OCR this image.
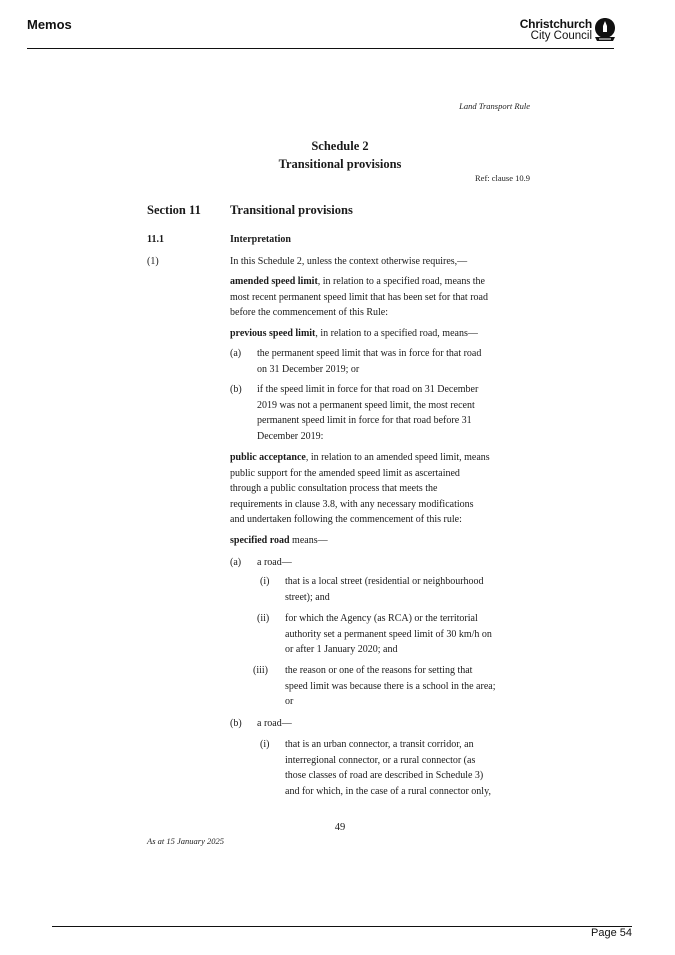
Memos	Christchurch
City Council
Land Transport Rule
Schedule 2
Transitional provisions
Ref: clause 10.9
Section 11 Transitional provisions
11.1	Interpretation
(1)	In this Schedule 2, unless the context otherwise requires,—
amended speed limit, in relation to a specified road, means the
most recent permanent speed limit that has been set for that road
before the commencement of this Rule:
previous speed limit, in relation to a specified road, means—
(a) the permanent speed limit that was in force for that road
on 31 December 2019; or
(b) if the speed limit in force for that road on 31 December
2019 was not a permanent speed limit, the most recent
permanent speed limit in force for that road before 31
December 2019:
public acceptance, in relation to an amended speed limit, means
public support for the amended speed limit as ascertained
through a public consultation process that meets the
requirements in clause 3.8, with any necessary modifications
and undertaken following the commencement of this rule:
specified road means—
(a) a road—
(i) that is a local street (residential or neighbourhood
street); and
(ii) for which the Agency (as RCA) or the territorial
authority set a permanent speed limit of 30 km/h on
or after 1 January 2020; and
(iii) the reason or one of the reasons for setting that
speed limit was because there is a school in the area;
or
(b) a road—
(i) that is an urban connector, a transit corridor, an
interregional connector, or a rural connector (as
those classes of road are described in Schedule 3)
and for which, in the case of a rural connector only,
49
As at 15 January 2025
Page 54
